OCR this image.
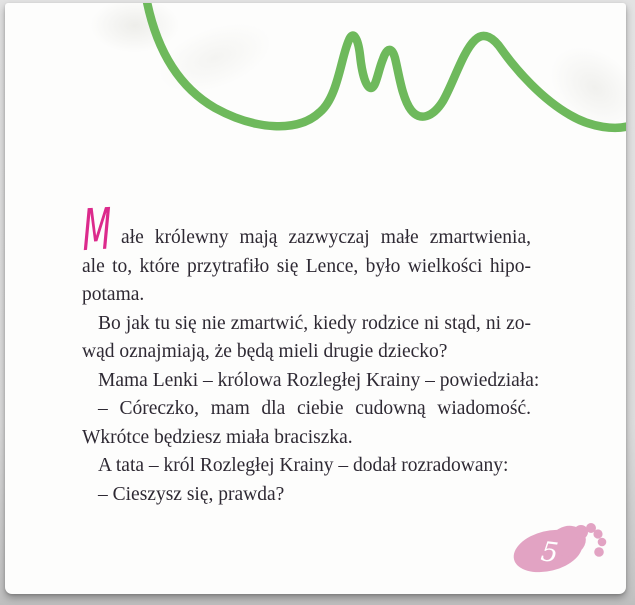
M ałe królewny mają zazwyczaj małe zmartwienia,
ale to, które przytrafiło się Lence, było wielkości hipo-
potama.
Bo jak tu się nie zmartwić, kiedy rodzice ni stąd, ni zo-
wąd oznajmiają, że będą mieli drugie dziecko?
Mama Lenki – królowa Rozległej Krainy – powiedziała:
– Córeczko, mam dla ciebie cudowną wiadomość.
Wkrótce będziesz miała braciszka.
A tata – król Rozległej Krainy – dodał rozradowany:
– Cieszysz się, prawda?
5
